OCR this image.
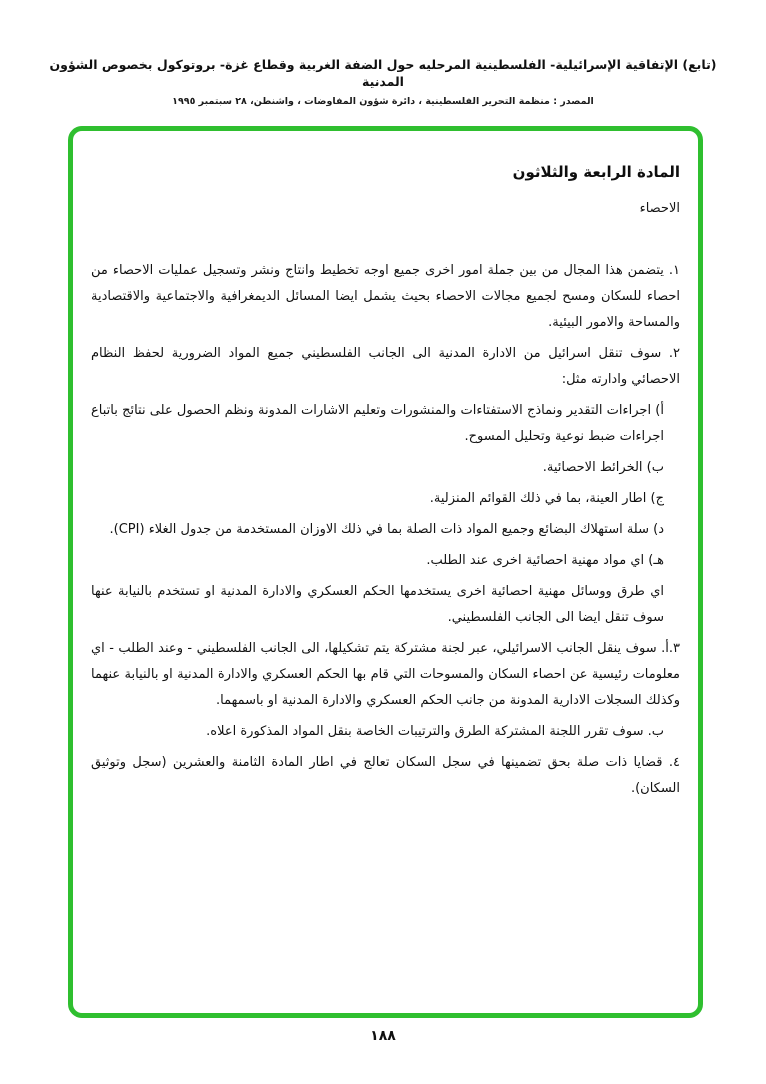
(تابع) الإتفاقية الإسرائيلية- الفلسطينية المرحليه حول الضفة الغربية وقطاع غزة- بروتوكول بخصوص الشؤون المدنية
المصدر : منظمة التحرير الفلسطينية ، دائرة شؤون المفاوضات ، واشنطن، ٢٨ سبتمبر ١٩٩٥
المادة الرابعة والثلاثون
الاحصاء

١. يتضمن هذا المجال من بين جملة امور اخرى جميع اوجه تخطيط وانتاج ونشر وتسجيل عمليات الاحصاء من احصاء للسكان ومسح لجميع مجالات الاحصاء بحيث يشمل ايضا المسائل الديمغرافية والاجتماعية والاقتصادية والمساحة والامور البيئية.

٢. سوف تنقل اسرائيل من الادارة المدنية الى الجانب الفلسطيني جميع المواد الضرورية لحفظ النظام الاحصائي وادارته مثل:

أ) اجراءات التقدير ونماذج الاستفتاءات والمنشورات وتعليم الاشارات المدونة ونظم الحصول على نتائج باتباع اجراءات ضبط نوعية وتحليل المسوح.

ب) الخرائط الاحصائية.

ج) اطار العينة، بما في ذلك القوائم المنزلية.

د) سلة استهلاك البضائع وجميع المواد ذات الصلة بما في ذلك الاوزان المستخدمة من جدول الغلاء (CPI).

هـ) اي مواد مهنية احصائية اخرى عند الطلب.

اي طرق ووسائل مهنية احصائية اخرى يستخدمها الحكم العسكري والادارة المدنية او تستخدم بالنيابة عنها سوف تنقل ايضا الى الجانب الفلسطيني.

٣.أ. سوف ينقل الجانب الاسرائيلي، عبر لجنة مشتركة يتم تشكيلها، الى الجانب الفلسطيني - وعند الطلب - اي معلومات رئيسية عن احصاء السكان والمسوحات التي قام بها الحكم العسكري والادارة المدنية او بالنيابة عنهما وكذلك السجلات الادارية المدونة من جانب الحكم العسكري والادارة المدنية او باسمهما.

ب. سوف تقرر اللجنة المشتركة الطرق والترتيبات الخاصة بنقل المواد المذكورة اعلاه.

٤. قضايا ذات صلة بحق تضمينها في سجل السكان تعالج في اطار المادة الثامنة والعشرين (سجل وتوثيق السكان).

١٨٨
